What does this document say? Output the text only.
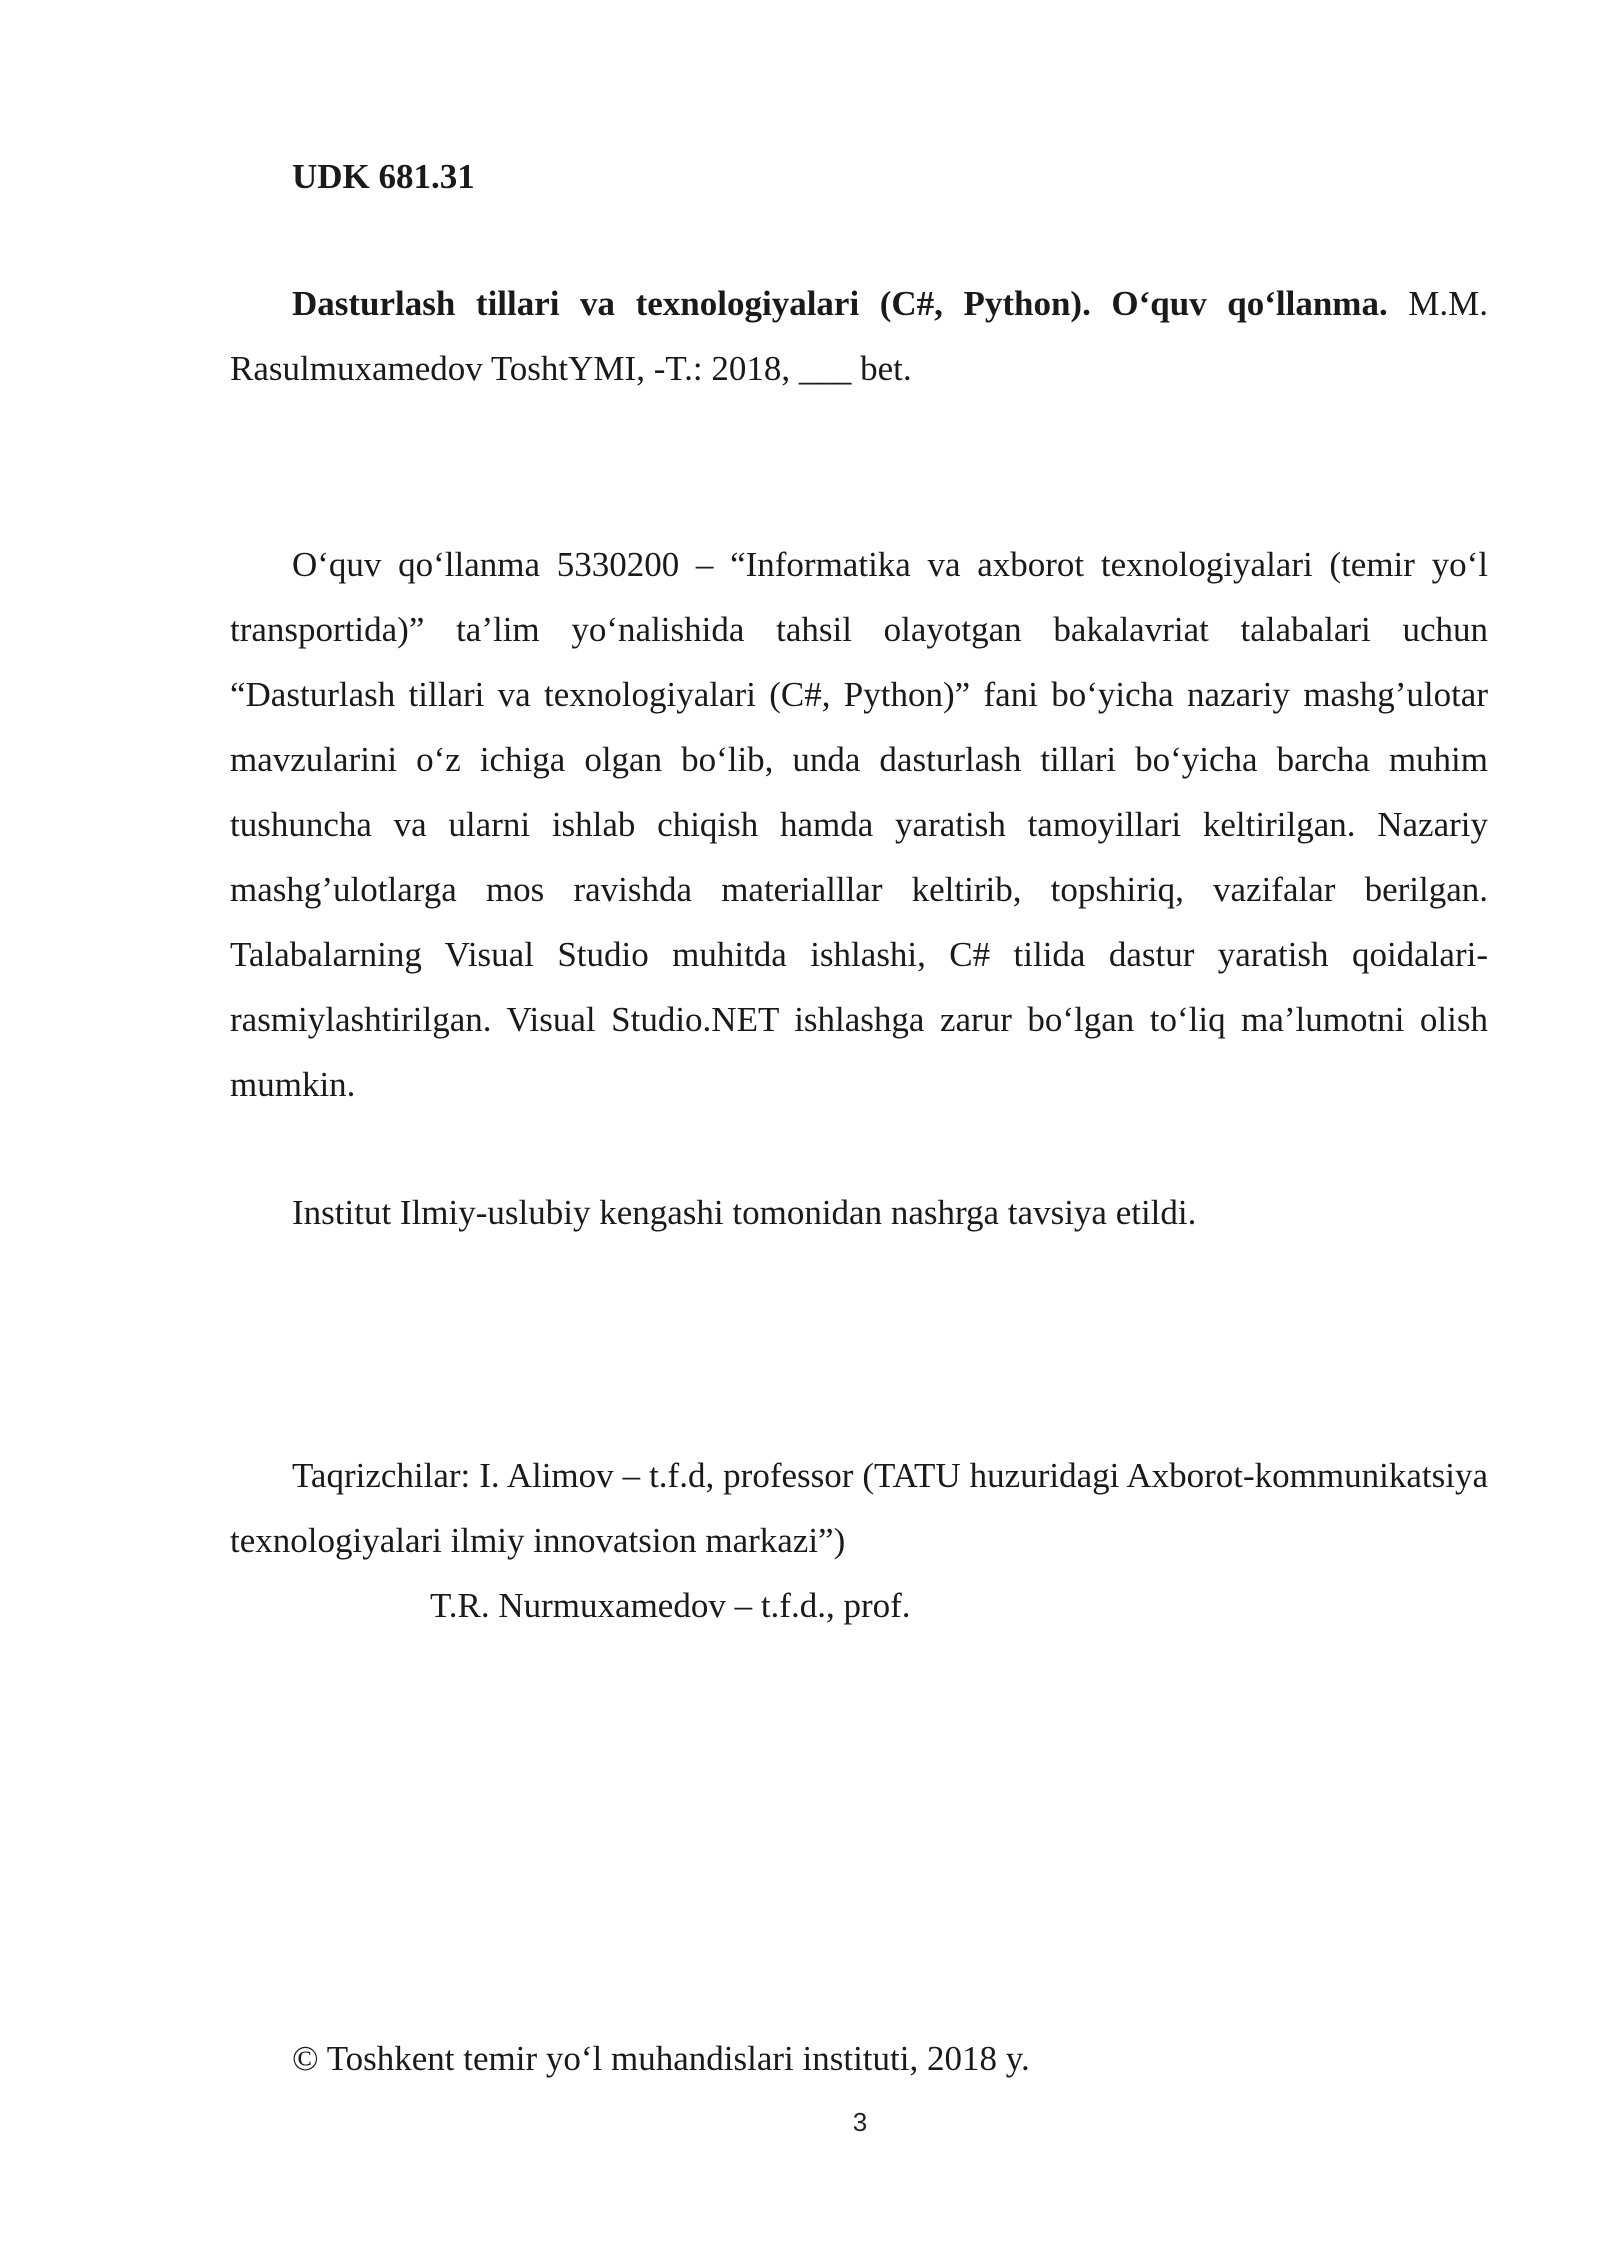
UDK 681.31

Dasturlash tillari va texnologiyalari (C#, Python). O‘quv qo‘llanma. M.M. Rasulmuxamedov ToshtYMI, -T.: 2018, ___ bet.

O‘quv qo‘llanma 5330200 – “Informatika va axborot texnologiyalari (temir yo‘l transportida)” ta’lim yo‘nalishida tahsil olayotgan bakalavriat talabalari uchun “Dasturlash tillari va texnologiyalari (C#, Python)” fani bo‘yicha nazariy mashg’ulotar mavzularini o‘z ichiga olgan bo‘lib, unda dasturlash tillari bo‘yicha barcha muhim tushuncha va ularni ishlab chiqish hamda yaratish tamoyillari keltirilgan. Nazariy mashg’ulotlarga mos ravishda materialllar keltirib, topshiriq, vazifalar berilgan. Talabalarning Visual Studio muhitda ishlashi, C# tilida dastur yaratish qoidalari-rasmiylashtirilgan. Visual Studio.NET ishlashga zarur bo‘lgan to‘liq ma’lumotni olish mumkin.

Institut Ilmiy-uslubiy kengashi tomonidan nashrga tavsiya etildi.

Taqrizchilar: I. Alimov – t.f.d, professor (TATU huzuridagi Axborot-kommunikatsiya texnologiyalari ilmiy innovatsion markazi”)
T.R. Nurmuxamedov – t.f.d., prof.

© Toshkent temir yo‘l muhandislari instituti, 2018 y.

3
